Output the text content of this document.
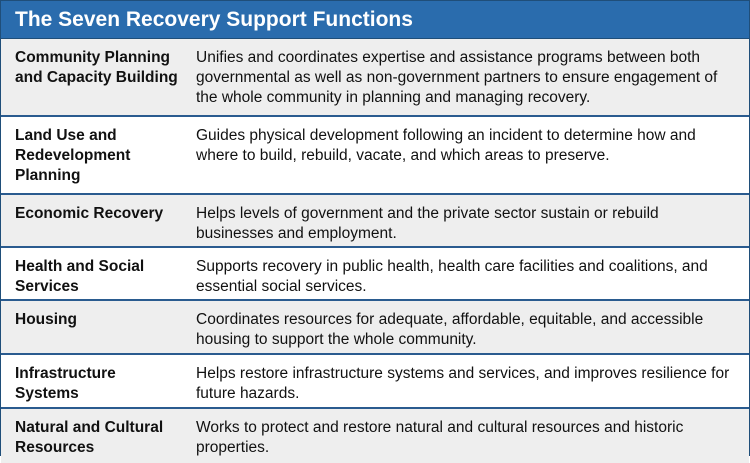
The Seven Recovery Support Functions
Community Planning and Capacity Building
Unifies and coordinates expertise and assistance programs between both governmental as well as non-government partners to ensure engagement of the whole community in planning and managing recovery.
Land Use and Redevelopment Planning
Guides physical development following an incident to determine how and where to build, rebuild, vacate, and which areas to preserve.
Economic Recovery	Helps levels of government and the private sector sustain or rebuild businesses and employment.
Health and Social Services
Supports recovery in public health, health care facilities and coalitions, and essential social services.
Housing	Coordinates resources for adequate, affordable, equitable, and accessible housing to support the whole community.
Infrastructure Systems
Helps restore infrastructure systems and services, and improves resilience for future hazards.
Natural and Cultural Resources
Works to protect and restore natural and cultural resources and historic properties.
